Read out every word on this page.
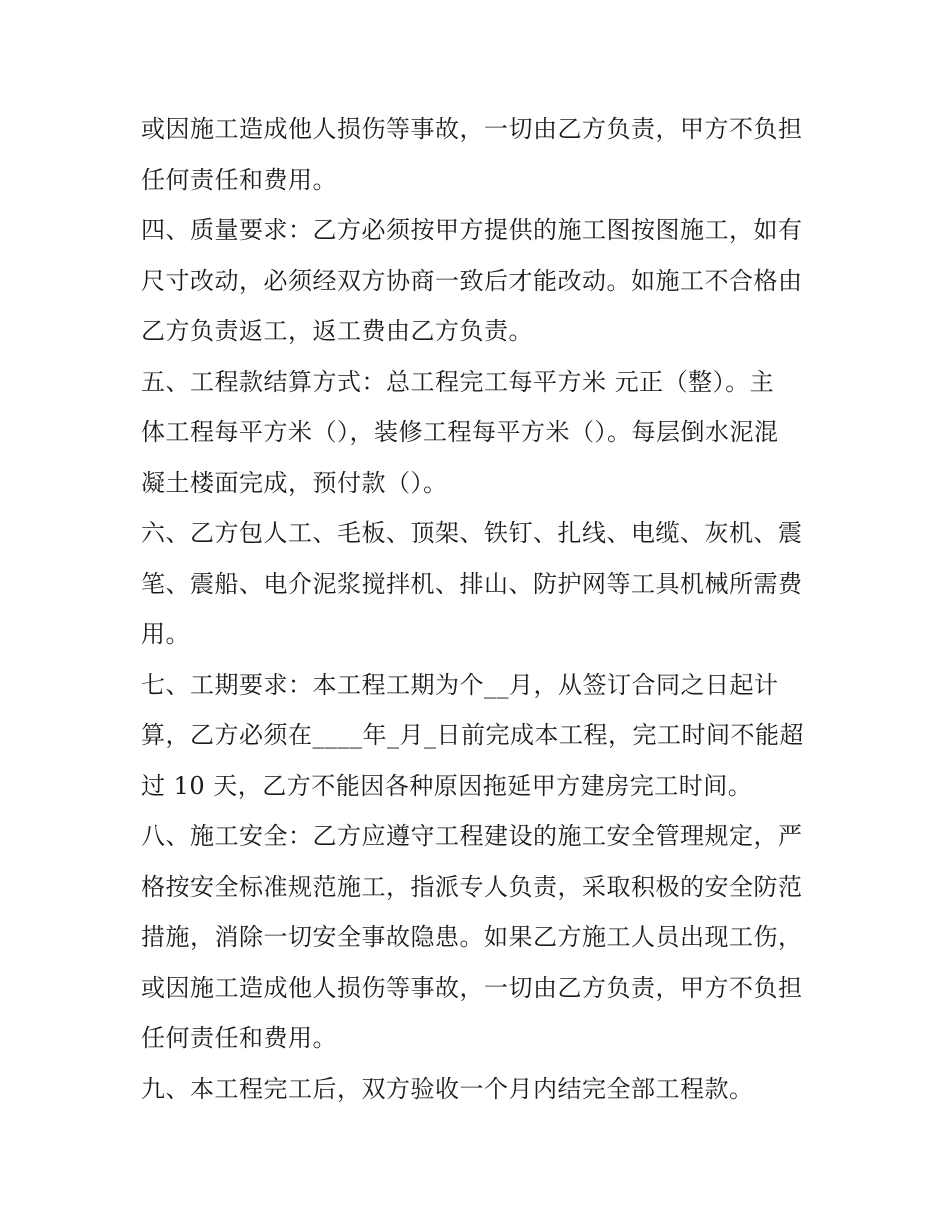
或因施工造成他人损伤等事故，一切由乙方负责，甲方不负担
任何责任和费用。
四、质量要求：乙方必须按甲方提供的施工图按图施工，如有
尺寸改动，必须经双方协商一致后才能改动。如施工不合格由
乙方负责返工，返工费由乙方负责。
五、工程款结算方式：总工程完工每平方米 元正（整）。主
体工程每平方米（），装修工程每平方米（）。每层倒水泥混
凝土楼面完成，预付款（）。
六、乙方包人工、毛板、顶架、铁钉、扎线、电缆、灰机、震
笔、震船、电介泥浆搅拌机、排山、防护网等工具机械所需费
用。
七、工期要求：本工程工期为个__月，从签订合同之日起计
算，乙方必须在____年_月_日前完成本工程，完工时间不能超
过 10 天，乙方不能因各种原因拖延甲方建房完工时间。
八、施工安全：乙方应遵守工程建设的施工安全管理规定，严
格按安全标准规范施工，指派专人负责，采取积极的安全防范
措施，消除一切安全事故隐患。如果乙方施工人员出现工伤，
或因施工造成他人损伤等事故，一切由乙方负责，甲方不负担
任何责任和费用。
九、本工程完工后，双方验收一个月内结完全部工程款。
